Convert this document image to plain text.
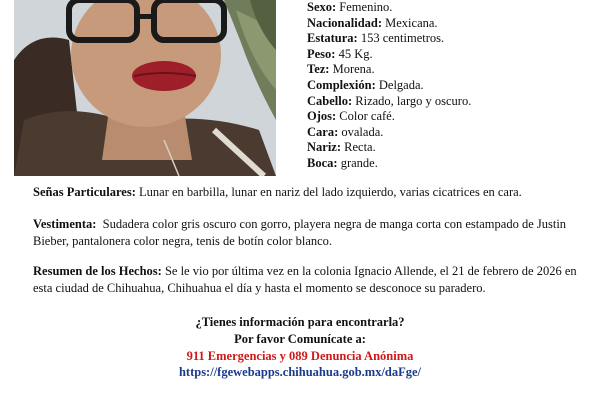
Sexo: Femenino.
Nacionalidad: Mexicana.
Estatura: 153 centimetros.
Peso: 45 Kg.
Tez: Morena.
Complexión: Delgada.
Cabello: Rizado, largo y oscuro.
Ojos: Color café.
Cara: ovalada.
Nariz: Recta.
Boca: grande.
Señas Particulares: Lunar en barbilla, lunar en nariz del lado izquierdo, varias cicatrices en cara.
Vestimenta: Sudadera color gris oscuro con gorro, playera negra de manga corta con estampado de Justin Bieber, pantalonera color negra, tenis de botín color blanco.
Resumen de los Hechos: Se le vio por última vez en la colonia Ignacio Allende, el 21 de febrero de 2026 en esta ciudad de Chihuahua, Chihuahua el día y hasta el momento se desconoce su paradero.
¿Tienes información para encontrarla?
Por favor Comunícate a:
911 Emergencias y 089 Denuncia Anónima
https://fgewebapps.chihuahua.gob.mx/daFge/
